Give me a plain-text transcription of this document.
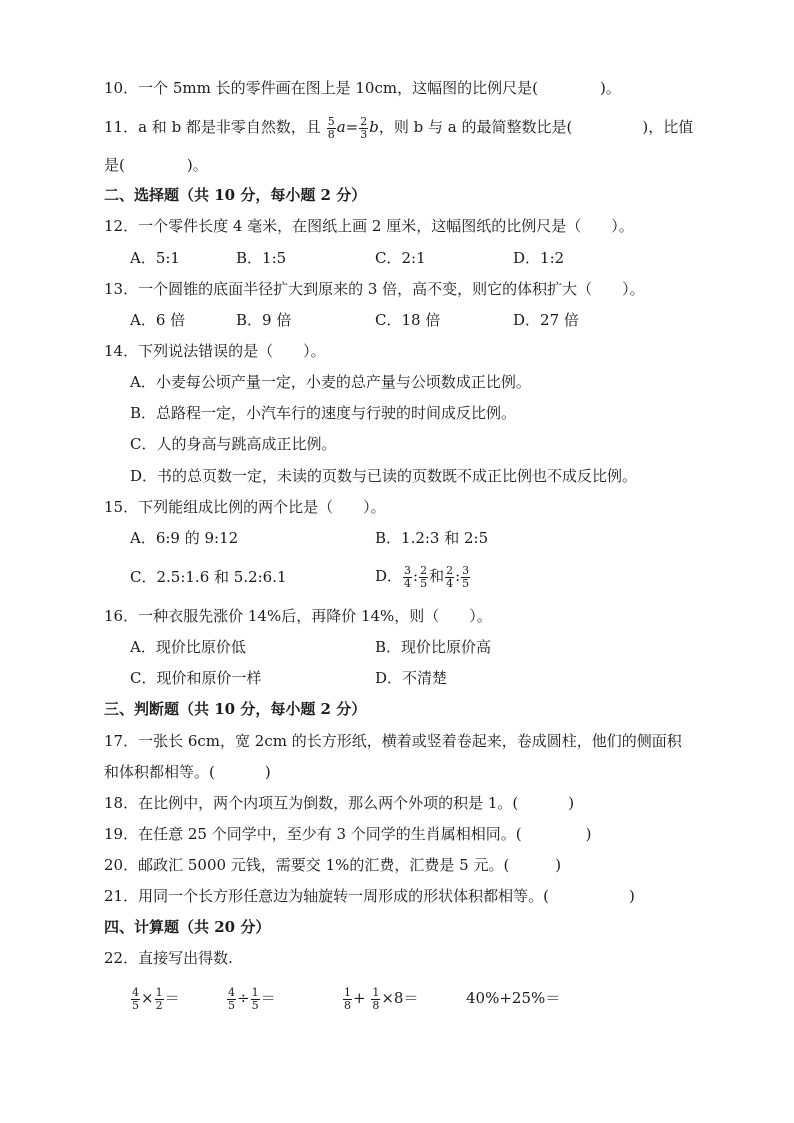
10．一个 5mm 长的零件画在图上是 10cm，这幅图的比例尺是(	)。
11．a 和 b 都是非零自然数，且 $\frac{5}{8} a= \frac{2}{3}$ b，则 b 与 a 的最简整数比是(	)，比值
是(	)。
二、选择题（共 10 分，每小题 2 分）
12．一个零件长度 4 毫米，在图纸上画 2 厘米，这幅图纸的比例尺是（　　）。
A．5:1	B．1:5	C．2:1	D．1:2
13．一个圆锥的底面半径扩大到原来的 3 倍，高不变，则它的体积扩大（　　）。
A．6 倍	B．9 倍	C．18 倍	D．27 倍
14．下列说法错误的是（　　）。
A．小麦每公顷产量一定，小麦的总产量与公顷数成正比例。
B．总路程一定，小汽车行的速度与行驶的时间成反比例。
C．人的身高与跳高成正比例。
D．书的总页数一定，未读的页数与已读的页数既不成正比例也不成反比例。
15．下列能组成比例的两个比是（　　）。
A．6:9 的 9:12	B．1.2:3 和 2:5
C．2.5:1.6 和 5.2:6.1	D． $\frac{3}{4}$ : $\frac{2}{5}$ 和 $\frac{2}{4}$ : $\frac{3}{5}$
16．一种衣服先涨价 14%后，再降价 14%，则（　　）。
A．现价比原价低	B．现价比原价高
C．现价和原价一样	D．不清楚
三、判断题（共 10 分，每小题 2 分）
17．一张长 6cm，宽 2cm 的长方形纸，横着或竖着卷起来，卷成圆柱，他们的侧面积
和体积都相等。(	)
18．在比例中，两个内项互为倒数，那么两个外项的积是 1。(	)
19．在任意 25 个同学中，至少有 3 个同学的生肖属相相同。(	)
20．邮政汇 5000 元钱，需要交 1%的汇费，汇费是 5 元。(	)
21．用同一个长方形任意边为轴旋转一周形成的形状体积都相等。(	)
四、计算题（共 20 分）
22．直接写出得数.
$\frac{4}{5} \times \frac{1}{2}$ ＝	$\frac{4}{5} \div \frac{1}{5}$ ＝	$\frac{1}{8} + \frac{1}{8} \times 8=$	40%+25%＝
